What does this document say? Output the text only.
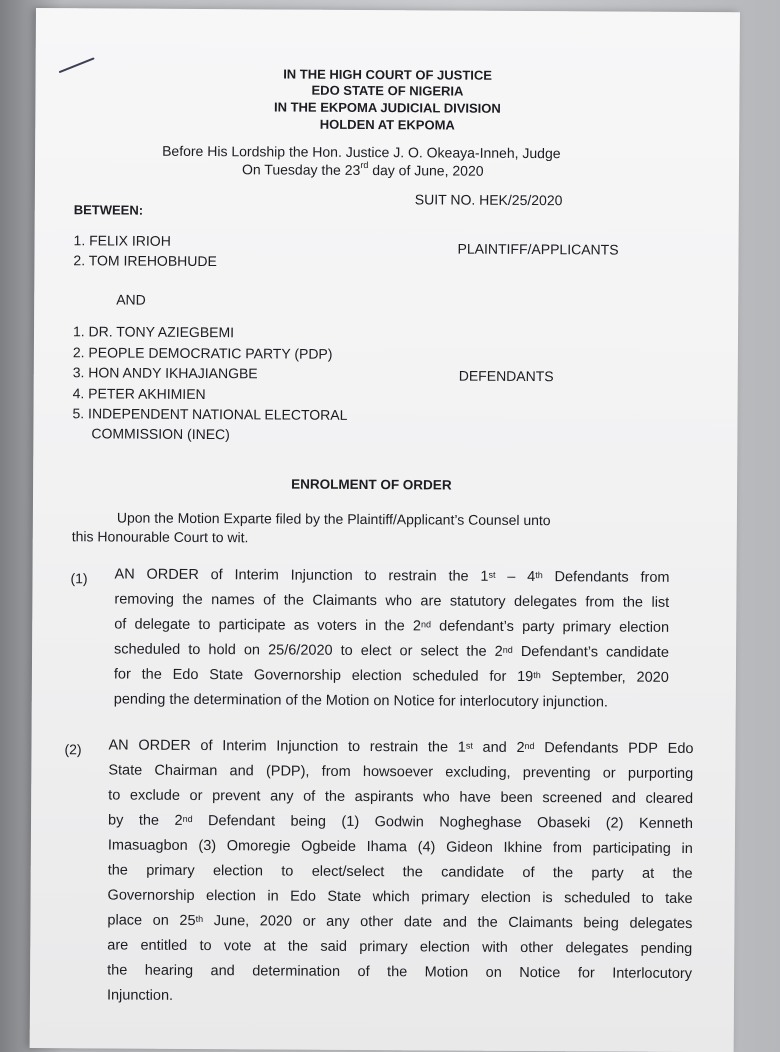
IN THE HIGH COURT OF JUSTICE
EDO STATE OF NIGERIA
IN THE EKPOMA JUDICIAL DIVISION
HOLDEN AT EKPOMA
Before His Lordship the Hon. Justice J. O. Okeaya-Inneh, Judge
On Tuesday the 23rd day of June, 2020
SUIT NO. HEK/25/2020
BETWEEN:
1. FELIX IRIOH
2. TOM IREHOBHUDE
PLAINTIFF/APPLICANTS
AND
1. DR. TONY AZIEGBEMI
2. PEOPLE DEMOCRATIC PARTY (PDP)
3. HON ANDY IKHAJIANGBE
4. PETER AKHIMIEN
5. INDEPENDENT NATIONAL ELECTORAL
COMMISSION (INEC)
DEFENDANTS
ENROLMENT OF ORDER
Upon the Motion Exparte filed by the Plaintiff/Applicant’s Counsel unto
this Honourable Court to wit.
(1) AN ORDER of Interim Injunction to restrain the 1st – 4th Defendants from
removing the names of the Claimants who are statutory delegates from the list
of delegate to participate as voters in the 2nd defendant’s party primary election
scheduled to hold on 25/6/2020 to elect or select the 2nd Defendant’s candidate
for the Edo State Governorship election scheduled for 19th September, 2020
pending
the
determination
of
the
Motion
on
Notice
for
interlocutory
injunction.
(2) AN ORDER of Interim Injunction to restrain the 1st and 2nd Defendants PDP Edo
State Chairman and (PDP), from howsoever excluding, preventing or purporting
to exclude or prevent any of the aspirants who have been screened and cleared
by the 2nd Defendant being (1) Godwin Nogheghase Obaseki (2) Kenneth
Imasuagbon (3) Omoregie Ogbeide Ihama (4) Gideon Ikhine from participating in
the primary election to elect/select the candidate of the party at the
Governorship election in Edo State which primary election is scheduled to take
place on 25th June, 2020 or any other date and the Claimants being delegates
are entitled to vote at the said primary election with other delegates pending
the hearing and determination of the Motion on Notice for Interlocutory
Injunction.
